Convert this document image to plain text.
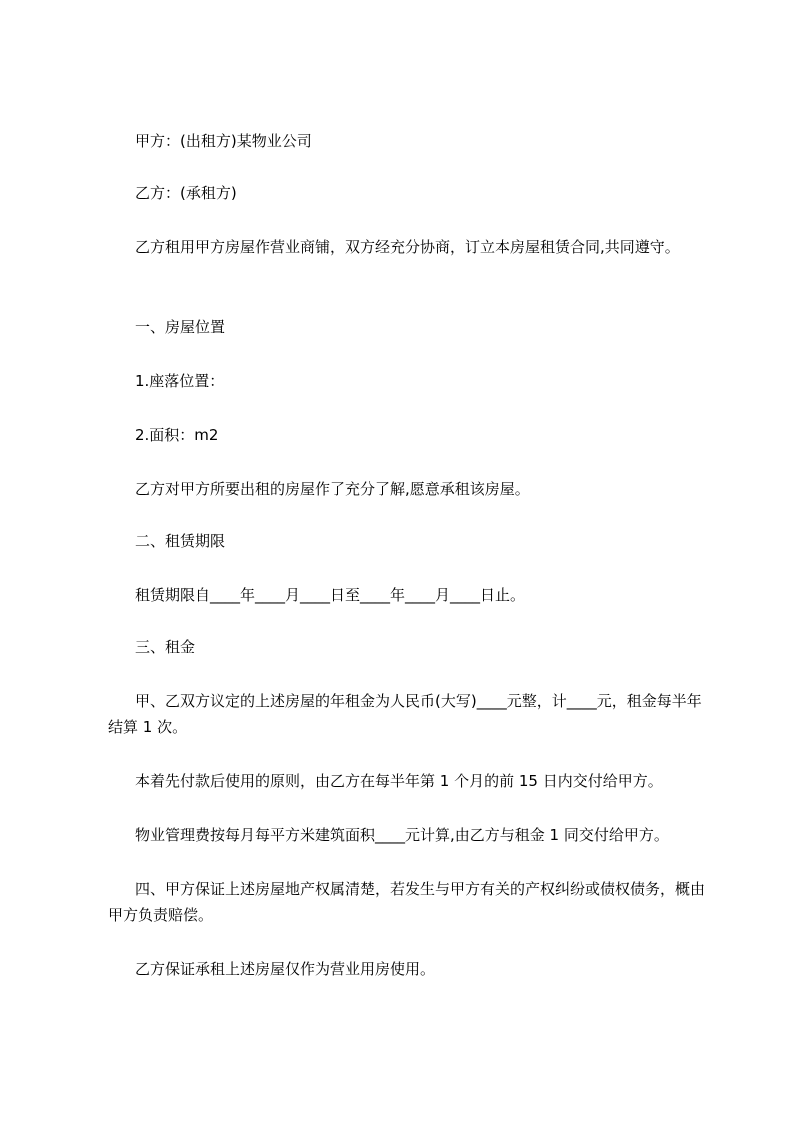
甲方：(出租方)某物业公司

乙方：(承租方)

乙方租用甲方房屋作营业商铺，双方经充分协商，订立本房屋租赁合同,共同遵守。

一、房屋位置

1.座落位置：

2.面积：m2

乙方对甲方所要出租的房屋作了充分了解,愿意承租该房屋。

二、租赁期限

租赁期限自____年____月____日至____年____月____日止。

三、租金

甲、乙双方议定的上述房屋的年租金为人民币(大写)____元整，计____元，租金每半年结算 1 次。

本着先付款后使用的原则，由乙方在每半年第 1 个月的前 15 日内交付给甲方。

物业管理费按每月每平方米建筑面积____元计算,由乙方与租金 1 同交付给甲方。

四、甲方保证上述房屋地产权属清楚，若发生与甲方有关的产权纠纷或债权债务，概由甲方负责赔偿。

乙方保证承租上述房屋仅作为营业用房使用。
